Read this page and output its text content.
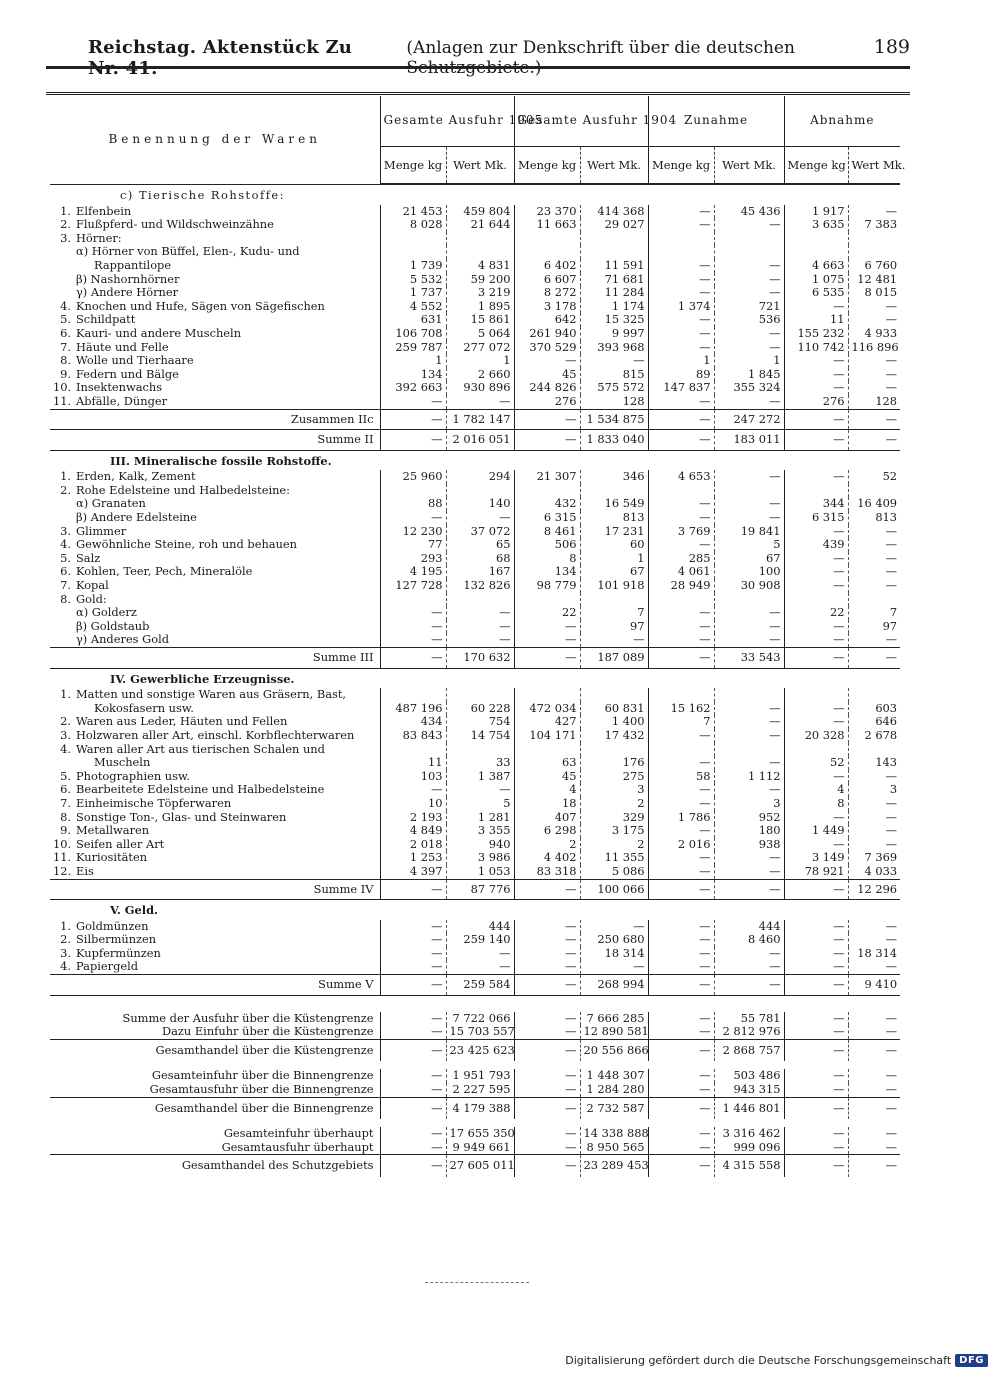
Reichstag. Aktenstück Zu Nr. 41.
(Anlagen zur Denkschrift über die deutschen Schutzgebiete.)
189
Benennung der Waren	Gesamte Ausfuhr 1905		Gesamte Ausfuhr 1904		Zunahme		Abnahme	
	Menge kg	Wert Mk.	Menge kg	Wert Mk.	Menge kg	Wert Mk.	Menge kg	Wert Mk.
c) Tierische Rohstoffe:								
1. Elfenbein	21 453	459 804	23 370	414 368	—	45 436	1 917	—
2. Flußpferd- und Wildschweinzähne	8 028	21 644	11 663	29 027	—	—	3 635	7 383
3. Hörner:								
α) Hörner von Büffel, Elen-, Kudu- und								
Rappantilope	1 739	4 831	6 402	11 591	—	—	4 663	6 760
β) Nashornhörner	5 532	59 200	6 607	71 681	—	—	1 075	12 481
γ) Andere Hörner	1 737	3 219	8 272	11 284	—	—	6 535	8 015
4. Knochen und Hufe, Sägen von Sägefischen	4 552	1 895	3 178	1 174	1 374	721	—	—
5. Schildpatt	631	15 861	642	15 325	—	536	11	—
6. Kauri- und andere Muscheln	106 708	5 064	261 940	9 997	—	—	155 232	4 933
7. Häute und Felle	259 787	277 072	370 529	393 968	—	—	110 742	116 896
8. Wolle und Tierhaare	1	1	—	—	1	1	—	—
9. Federn und Bälge	134	2 660	45	815	89	1 845	—	—
10. Insektenwachs	392 663	930 896	244 826	575 572	147 837	355 324	—	—
11. Abfälle, Dünger	—	—	276	128	—	—	276	128
Zusammen IIc	—	1 782 147	—	1 534 875	—	247 272	—	—
Summe II	—	2 016 051	—	1 833 040	—	183 011	—	—
III. Mineralische fossile Rohstoffe.								
1. Erden, Kalk, Zement	25 960	294	21 307	346	4 653	—	—	52
2. Rohe Edelsteine und Halbedelsteine:								
α) Granaten	88	140	432	16 549	—	—	344	16 409
β) Andere Edelsteine	—	—	6 315	813	—	—	6 315	813
3. Glimmer	12 230	37 072	8 461	17 231	3 769	19 841	—	—
4. Gewöhnliche Steine, roh und behauen	77	65	506	60	—	5	439	—
5. Salz	293	68	8	1	285	67	—	—
6. Kohlen, Teer, Pech, Mineralöle	4 195	167	134	67	4 061	100	—	—
7. Kopal	127 728	132 826	98 779	101 918	28 949	30 908	—	—
8. Gold:								
α) Golderz	—	—	22	7	—	—	22	7
β) Goldstaub	—	—	—	97	—	—	—	97
γ) Anderes Gold	—	—	—	—	—	—	—	—
Summe III	—	170 632	—	187 089	—	33 543	—	—
IV. Gewerbliche Erzeugnisse.								
1. Matten und sonstige Waren aus Gräsern, Bast,								
Kokosfasern usw.	487 196	60 228	472 034	60 831	15 162	—	—	603
2. Waren aus Leder, Häuten und Fellen	434	754	427	1 400	7	—	—	646
3. Holzwaren aller Art, einschl. Korbflechterwaren	83 843	14 754	104 171	17 432	—	—	20 328	2 678
4. Waren aller Art aus tierischen Schalen und								
Muscheln	11	33	63	176	—	—	52	143
5. Photographien usw.	103	1 387	45	275	58	1 112	—	—
6. Bearbeitete Edelsteine und Halbedelsteine	—	—	4	3	—	—	4	3
7. Einheimische Töpferwaren	10	5	18	2	—	3	8	—
8. Sonstige Ton-, Glas- und Steinwaren	2 193	1 281	407	329	1 786	952	—	—
9. Metallwaren	4 849	3 355	6 298	3 175	—	180	1 449	—
10. Seifen aller Art	2 018	940	2	2	2 016	938	—	—
11. Kuriositäten	1 253	3 986	4 402	11 355	—	—	3 149	7 369
12. Eis	4 397	1 053	83 318	5 086	—	—	78 921	4 033
Summe IV	—	87 776	—	100 066	—	—	—	12 296
V. Geld.								
1. Goldmünzen	—	444	—	—	—	444	—	—
2. Silbermünzen	—	259 140	—	250 680	—	8 460	—	—
3. Kupfermünzen	—	—	—	18 314	—	—	—	18 314
4. Papiergeld	—	—	—	—	—	—	—	—
Summe V	—	259 584	—	268 994	—	—	—	9 410

Summe der Ausfuhr über die Küstengrenze	—	7 722 066	—	7 666 285	—	55 781	—	—
Dazu Einfuhr über die Küstengrenze	—	15 703 557	—	12 890 581	—	2 812 976	—	—
Gesamthandel über die Küstengrenze	—	23 425 623	—	20 556 866	—	2 868 757	—	—

Gesamteinfuhr über die Binnengrenze	—	1 951 793	—	1 448 307	—	503 486	—	—
Gesamtausfuhr über die Binnengrenze	—	2 227 595	—	1 284 280	—	943 315	—	—
Gesamthandel über die Binnengrenze	—	4 179 388	—	2 732 587	—	1 446 801	—	—

Gesamteinfuhr überhaupt	—	17 655 350	—	14 338 888	—	3 316 462	—	—
Gesamtausfuhr überhaupt	—	9 949 661	—	8 950 565	—	999 096	—	—
Gesamthandel des Schutzgebiets	—	27 605 011	—	23 289 453	—	4 315 558	—	—
Digitalisierung gefördert durch die Deutsche Forschungsgemeinschaft DFG
